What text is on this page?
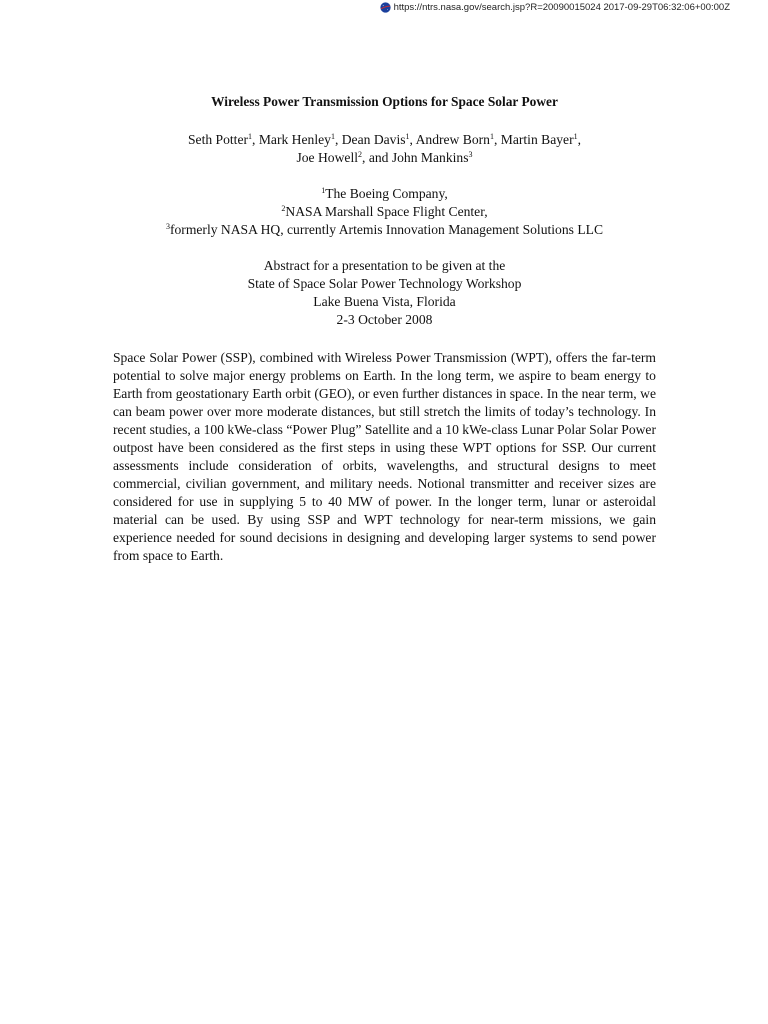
https://ntrs.nasa.gov/search.jsp?R=20090015024 2017-09-29T06:32:06+00:00Z
Wireless Power Transmission Options for Space Solar Power
Seth Potter$^1$, Mark Henley$^1$, Dean Davis$^1$, Andrew Born$^1$, Martin Bayer$^1$,
Joe Howell$^2$, and John Mankins$^3$
$^1$The Boeing Company,
$^2$NASA Marshall Space Flight Center,
$^3$formerly NASA HQ, currently Artemis Innovation Management Solutions LLC
Abstract for a presentation to be given at the
State of Space Solar Power Technology Workshop
Lake Buena Vista, Florida
2-3 October 2008
Space Solar Power (SSP), combined with Wireless Power Transmission (WPT), offers the far-term potential to solve major energy problems on Earth. In the long term, we aspire to beam energy to Earth from geostationary Earth orbit (GEO), or even further distances in space. In the near term, we can beam power over more moderate distances, but still stretch the limits of today’s technology. In recent studies, a 100 kWe-class “Power Plug” Satellite and a 10 kWe-class Lunar Polar Solar Power outpost have been considered as the first steps in using these WPT options for SSP. Our current assessments include consideration of orbits, wavelengths, and structural designs to meet commercial, civilian government, and military needs. Notional transmitter and receiver sizes are considered for use in supplying 5 to 40 MW of power. In the longer term, lunar or asteroidal material can be used. By using SSP and WPT technology for near-term missions, we gain experience needed for sound decisions in designing and developing larger systems to send power from space to Earth.
